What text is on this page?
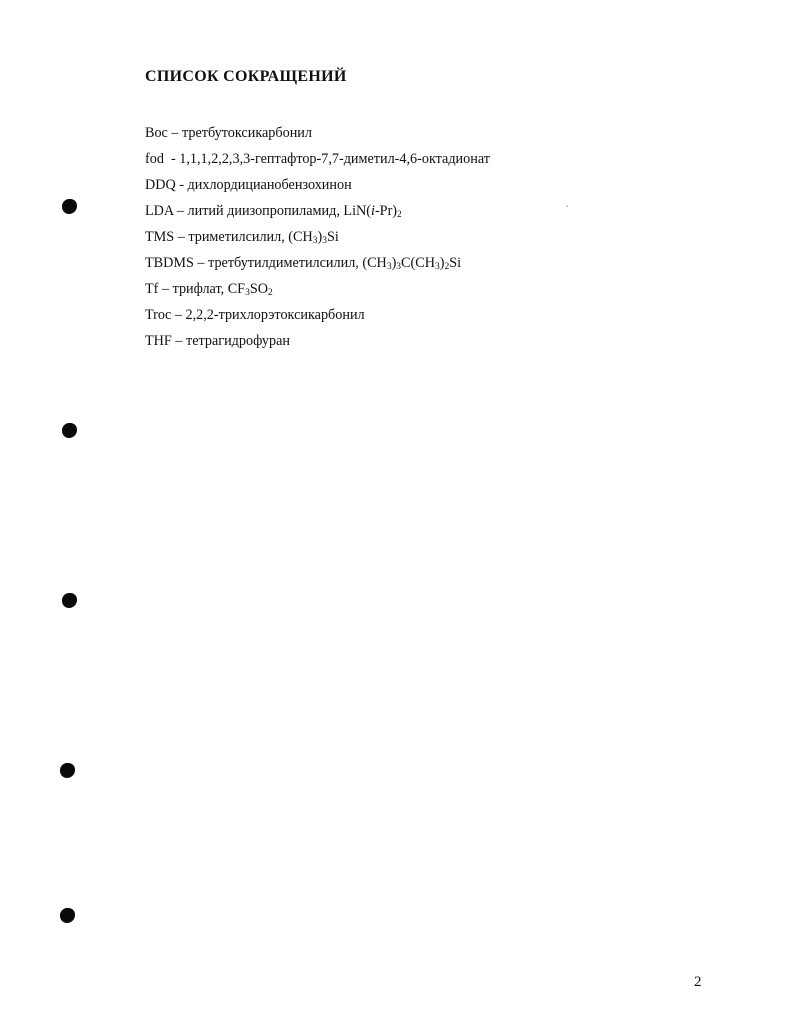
СПИСОК СОКРАЩЕНИЙ
Boc – третбутоксикарбонил
fod  - 1,1,1,2,2,3,3-гептафтор-7,7-диметил-4,6-октадионат
DDQ - дихлордицианобензохинон
LDA – литий диизопропиламид, $LiN(i-Pr)_2$
TMS – триметилсилил, $(CH_3)_3Si$
TBDMS – третбутилдиметилсилил, $(CH_3)_3C(CH_3)_2Si$
Tf – трифлат, $CF_3SO_2$
Troc – 2,2,2-трихлорэтоксикарбонил
THF – тетрагидрофуран
2
